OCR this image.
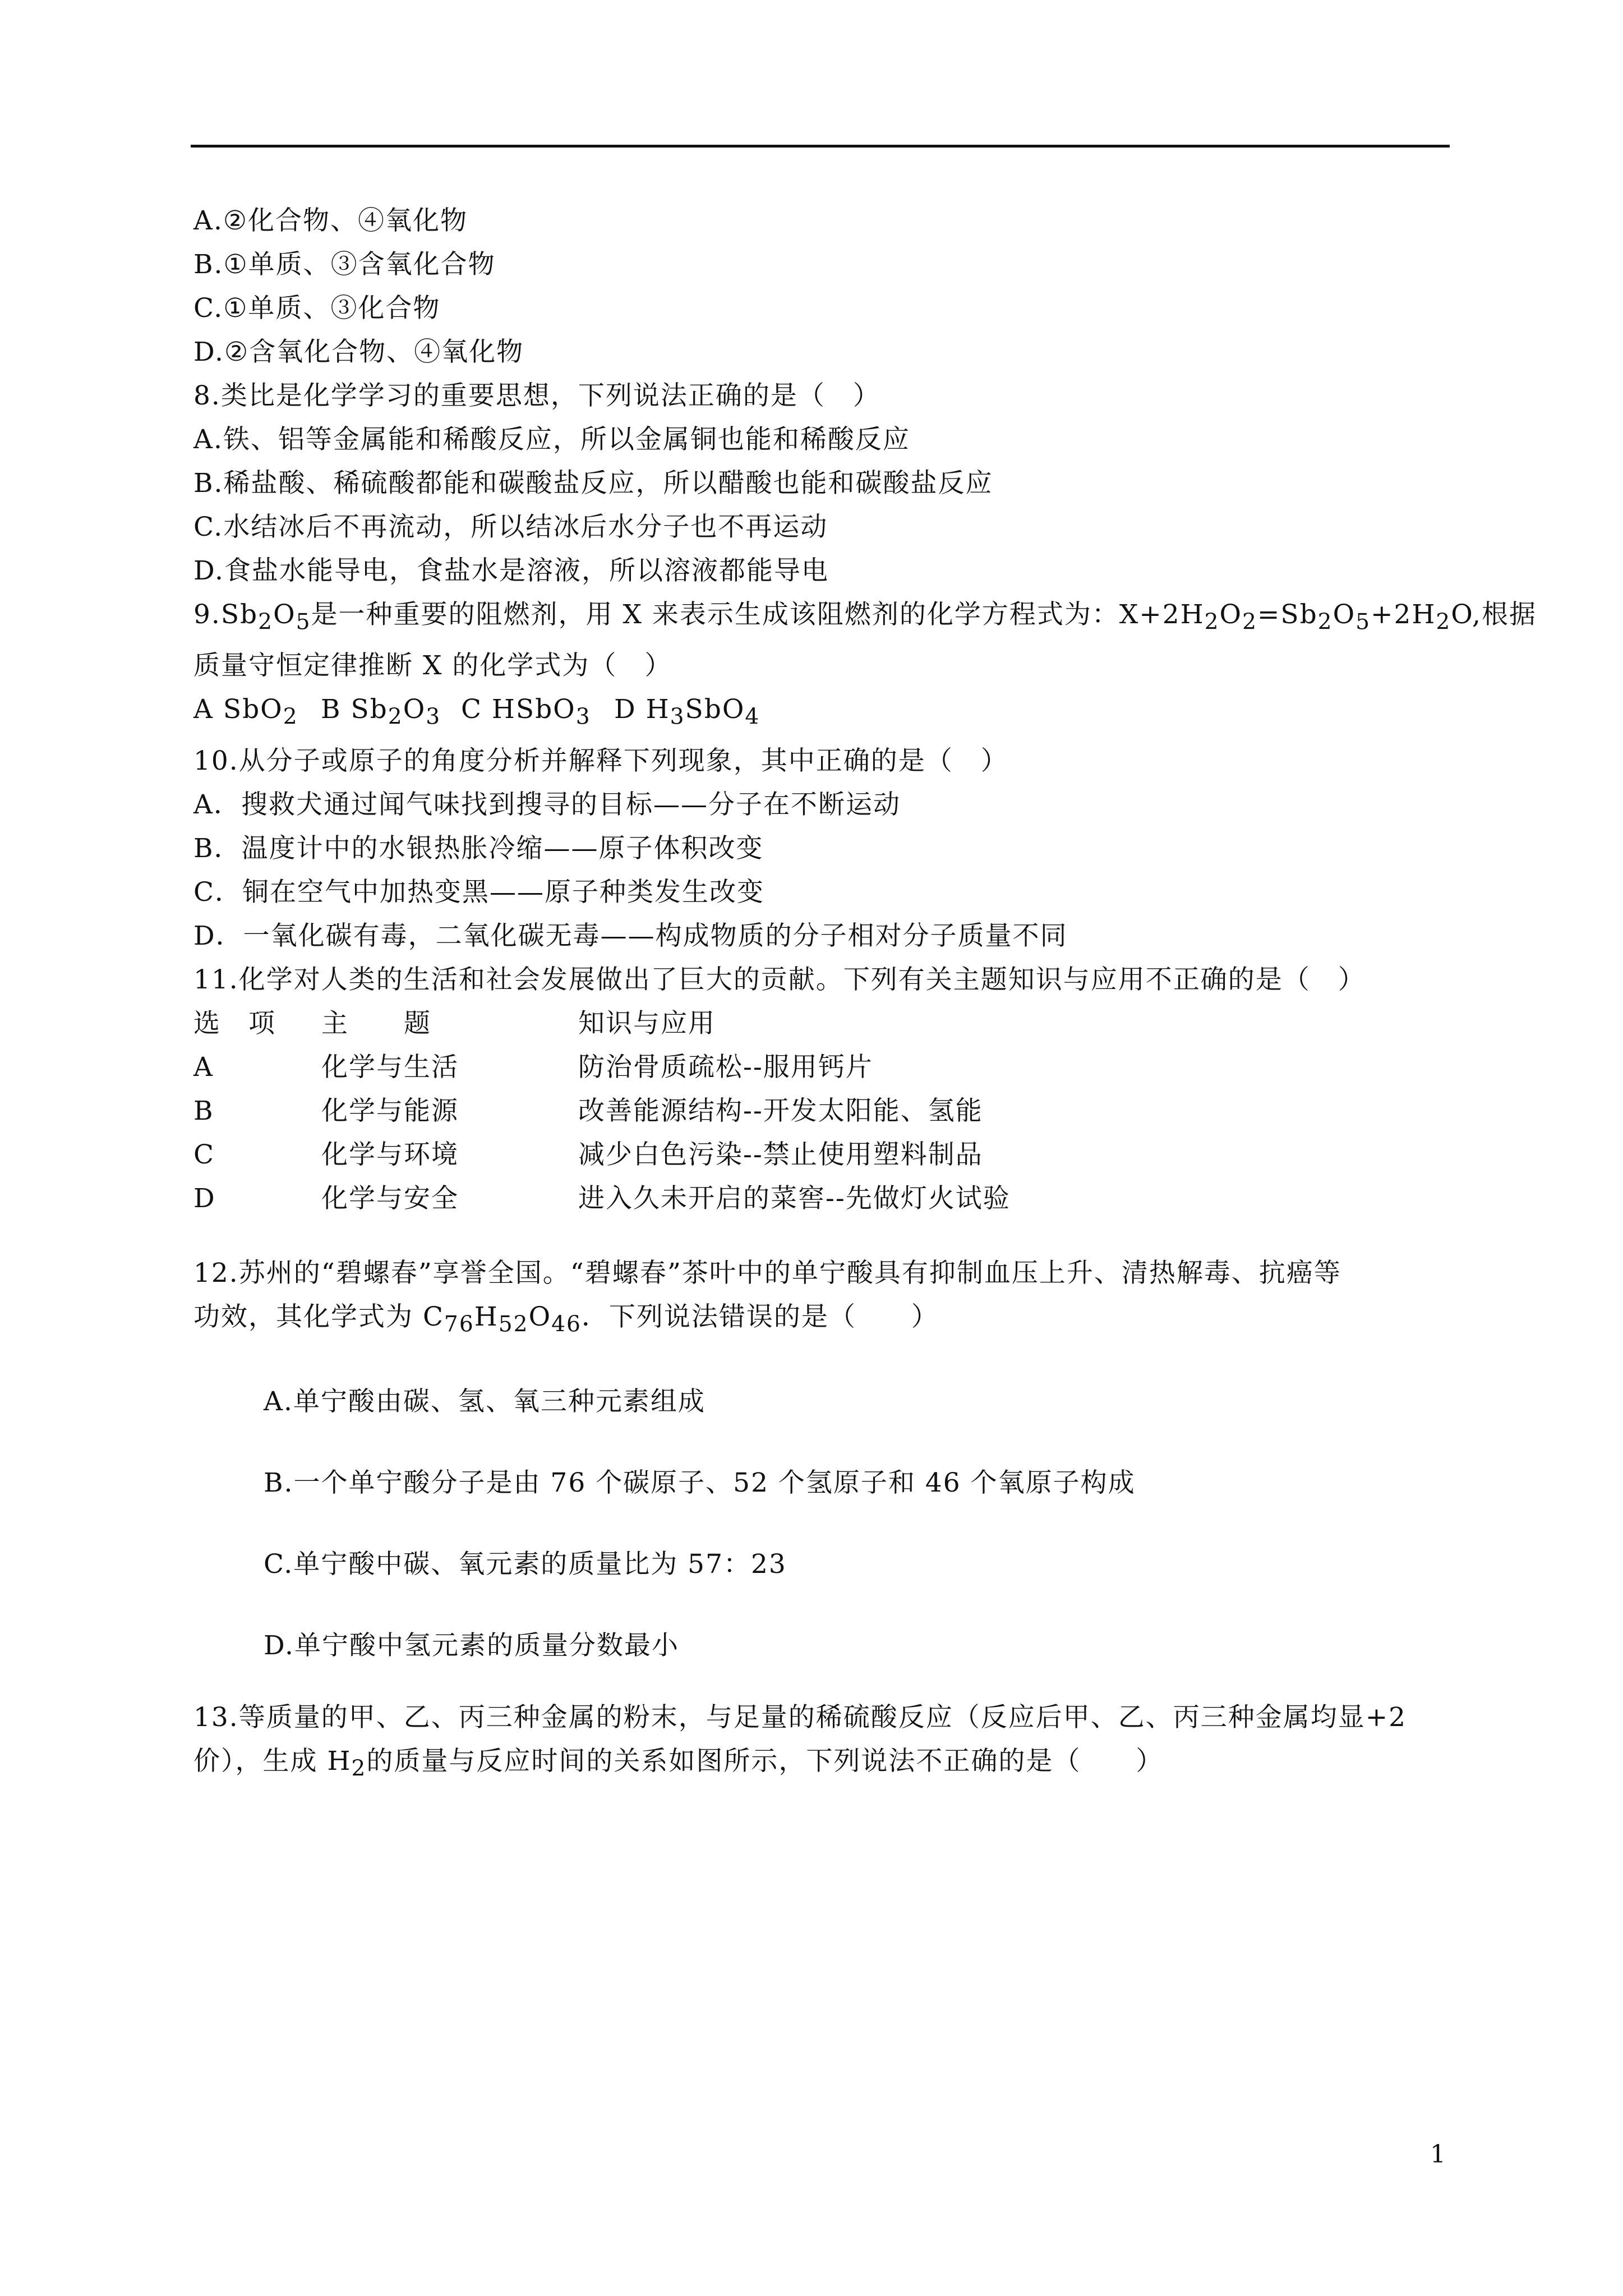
A.②化合物、④氧化物
B.①单质、③含氧化合物
C.①单质、③化合物
D.②含氧化合物、④氧化物
8.类比是化学学习的重要思想，下列说法正确的是（　）
A.铁、铝等金属能和稀酸反应，所以金属铜也能和稀酸反应
B.稀盐酸、稀硫酸都能和碳酸盐反应，所以醋酸也能和碳酸盐反应
C.水结冰后不再流动，所以结冰后水分子也不再运动
D.食盐水能导电，食盐水是溶液，所以溶液都能导电
$9.Sb_2O_5$是一种重要的阻燃剂，用 X 来表示生成该阻燃剂的化学方程式为：$X+2H_2O_2=Sb_2O_5+2H_2O$,根据
质量守恒定律推断 X 的化学式为（　）
A SbO$_2$ B $Sb_2O_3$ C HSbO$_3$ D $H_3SbO_4$
10.从分子或原子的角度分析并解释下列现象，其中正确的是（　）
A．搜救犬通过闻气味找到搜寻的目标——分子在不断运动
B．温度计中的水银热胀冷缩——原子体积改变
C．铜在空气中加热变黑——原子种类发生改变
D．一氧化碳有毒，二氧化碳无毒——构成物质的分子相对分子质量不同
11.化学对人类的生活和社会发展做出了巨大的贡献。下列有关主题知识与应用不正确的是（　）
选　项	主　　题	知识与应用
A	化学与生活	防治骨质疏松--服用钙片
B	化学与能源	改善能源结构--开发太阳能、氢能
C	化学与环境	减少白色污染--禁止使用塑料制品
D	化学与安全	进入久未开启的菜窖--先做灯火试验
12.苏州的“碧螺春”享誉全国。“碧螺春”茶叶中的单宁酸具有抑制血压上升、清热解毒、抗癌等
功效，其化学式为 $C_{76}H_{52}O_{46}$．下列说法错误的是（　　）
A.单宁酸由碳、氢、氧三种元素组成
B.一个单宁酸分子是由 76 个碳原子、52 个氢原子和 46 个氧原子构成
C.单宁酸中碳、氧元素的质量比为 57：23
D.单宁酸中氢元素的质量分数最小
13.等质量的甲、乙、丙三种金属的粉末，与足量的稀硫酸反应（反应后甲、乙、丙三种金属均显+2
价），生成 $H_2$的质量与反应时间的关系如图所示，下列说法不正确的是（　　）
1
